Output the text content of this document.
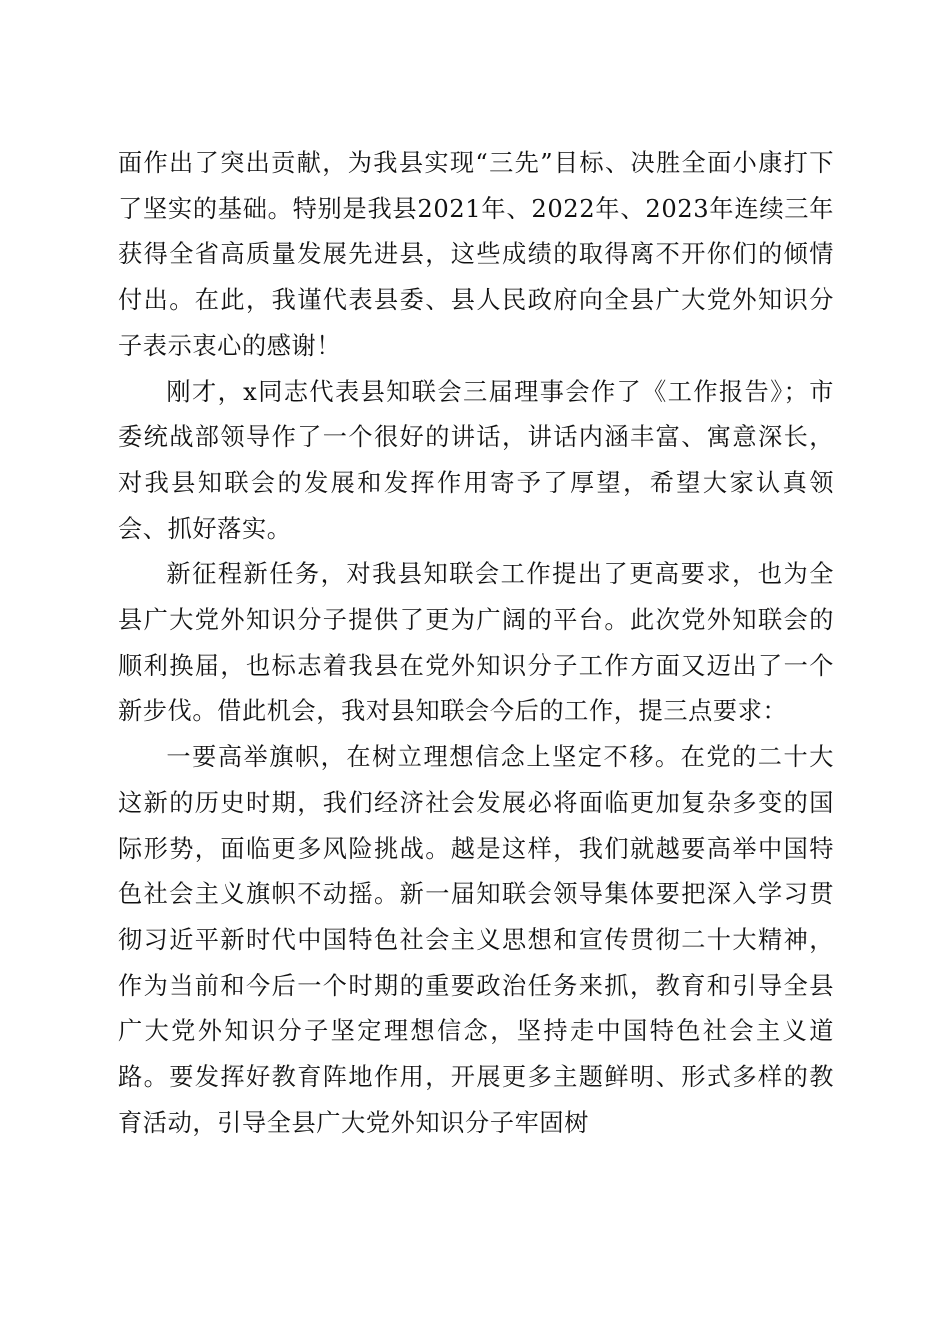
面作出了突出贡献，为我县实现“三先”目标、决胜全面小康打下了坚实的基础。特别是我县2021年、2022年、2023年连续三年获得全省高质量发展先进县，这些成绩的取得离不开你们的倾情付出。在此，我谨代表县委、县人民政府向全县广大党外知识分子表示衷心的感谢！

刚才，x同志代表县知联会三届理事会作了《工作报告》；市委统战部领导作了一个很好的讲话，讲话内涵丰富、寓意深长，对我县知联会的发展和发挥作用寄予了厚望，希望大家认真领会、抓好落实。

新征程新任务，对我县知联会工作提出了更高要求，也为全县广大党外知识分子提供了更为广阔的平台。此次党外知联会的顺利换届，也标志着我县在党外知识分子工作方面又迈出了一个新步伐。借此机会，我对县知联会今后的工作，提三点要求：

一要高举旗帜，在树立理想信念上坚定不移。在党的二十大这新的历史时期，我们经济社会发展必将面临更加复杂多变的国际形势，面临更多风险挑战。越是这样，我们就越要高举中国特色社会主义旗帜不动摇。新一届知联会领导集体要把深入学习贯彻习近平新时代中国特色社会主义思想和宣传贯彻二十大精神，作为当前和今后一个时期的重要政治任务来抓，教育和引导全县广大党外知识分子坚定理想信念，坚持走中国特色社会主义道路。要发挥好教育阵地作用，开展更多主题鲜明、形式多样的教育活动，引导全县广大党外知识分子牢固树
